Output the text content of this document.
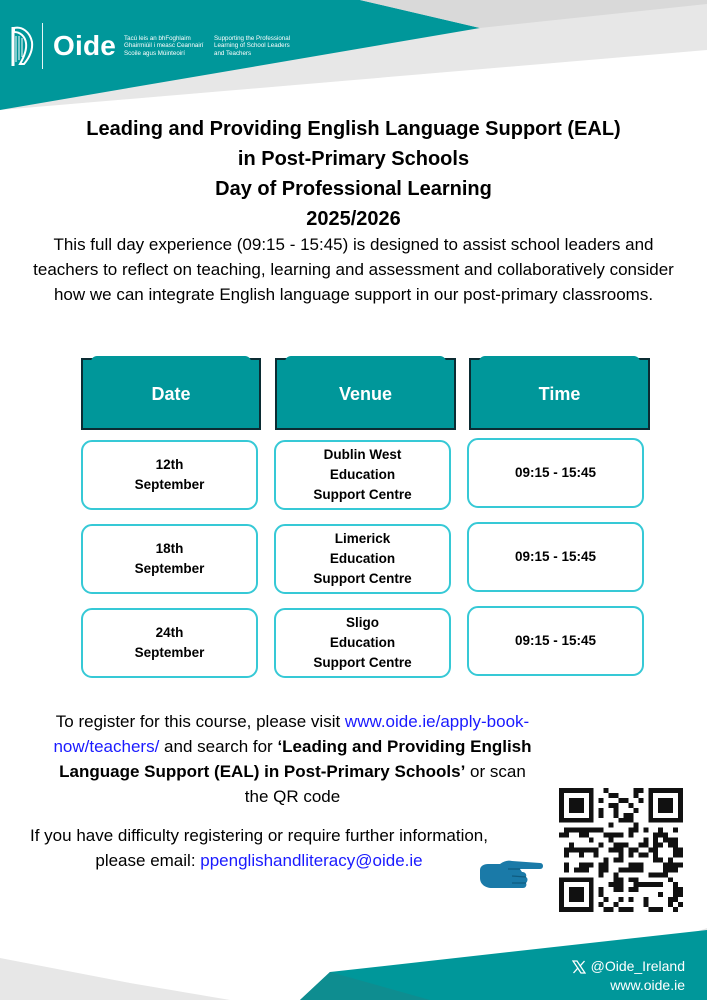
Oide Tacú leis an bhFoghlaim
Ghairmiúil i measc Ceannairí
Scoile agus Múinteoirí
Supporting the Professional
Learning of School Leaders
and Teachers
Leading and Providing English Language Support (EAL)
in Post-Primary Schools
Day of Professional Learning
2025/2026
This full day experience (09:15 - 15:45) is designed to assist school leaders and
teachers to reflect on teaching, learning and assessment and collaboratively consider
how we can integrate English language support in our post-primary classrooms.
Date	Venue	Time
12th
September
Dublin West
Education
Support Centre
09:15 - 15:45
18th
September
Limerick
Education
Support Centre
09:15 - 15:45
24th
September
Sligo
Education
Support Centre
09:15 - 15:45
To register for this course, please visit www.oide.ie/apply-book-
now/teachers/ and search for ‘Leading and Providing English
Language Support (EAL) in Post-Primary Schools’ or scan
the QR code
If you have difficulty registering or require further information,
please email: ppenglishandliteracy@oide.ie
@Oide_Ireland
www.oide.ie
